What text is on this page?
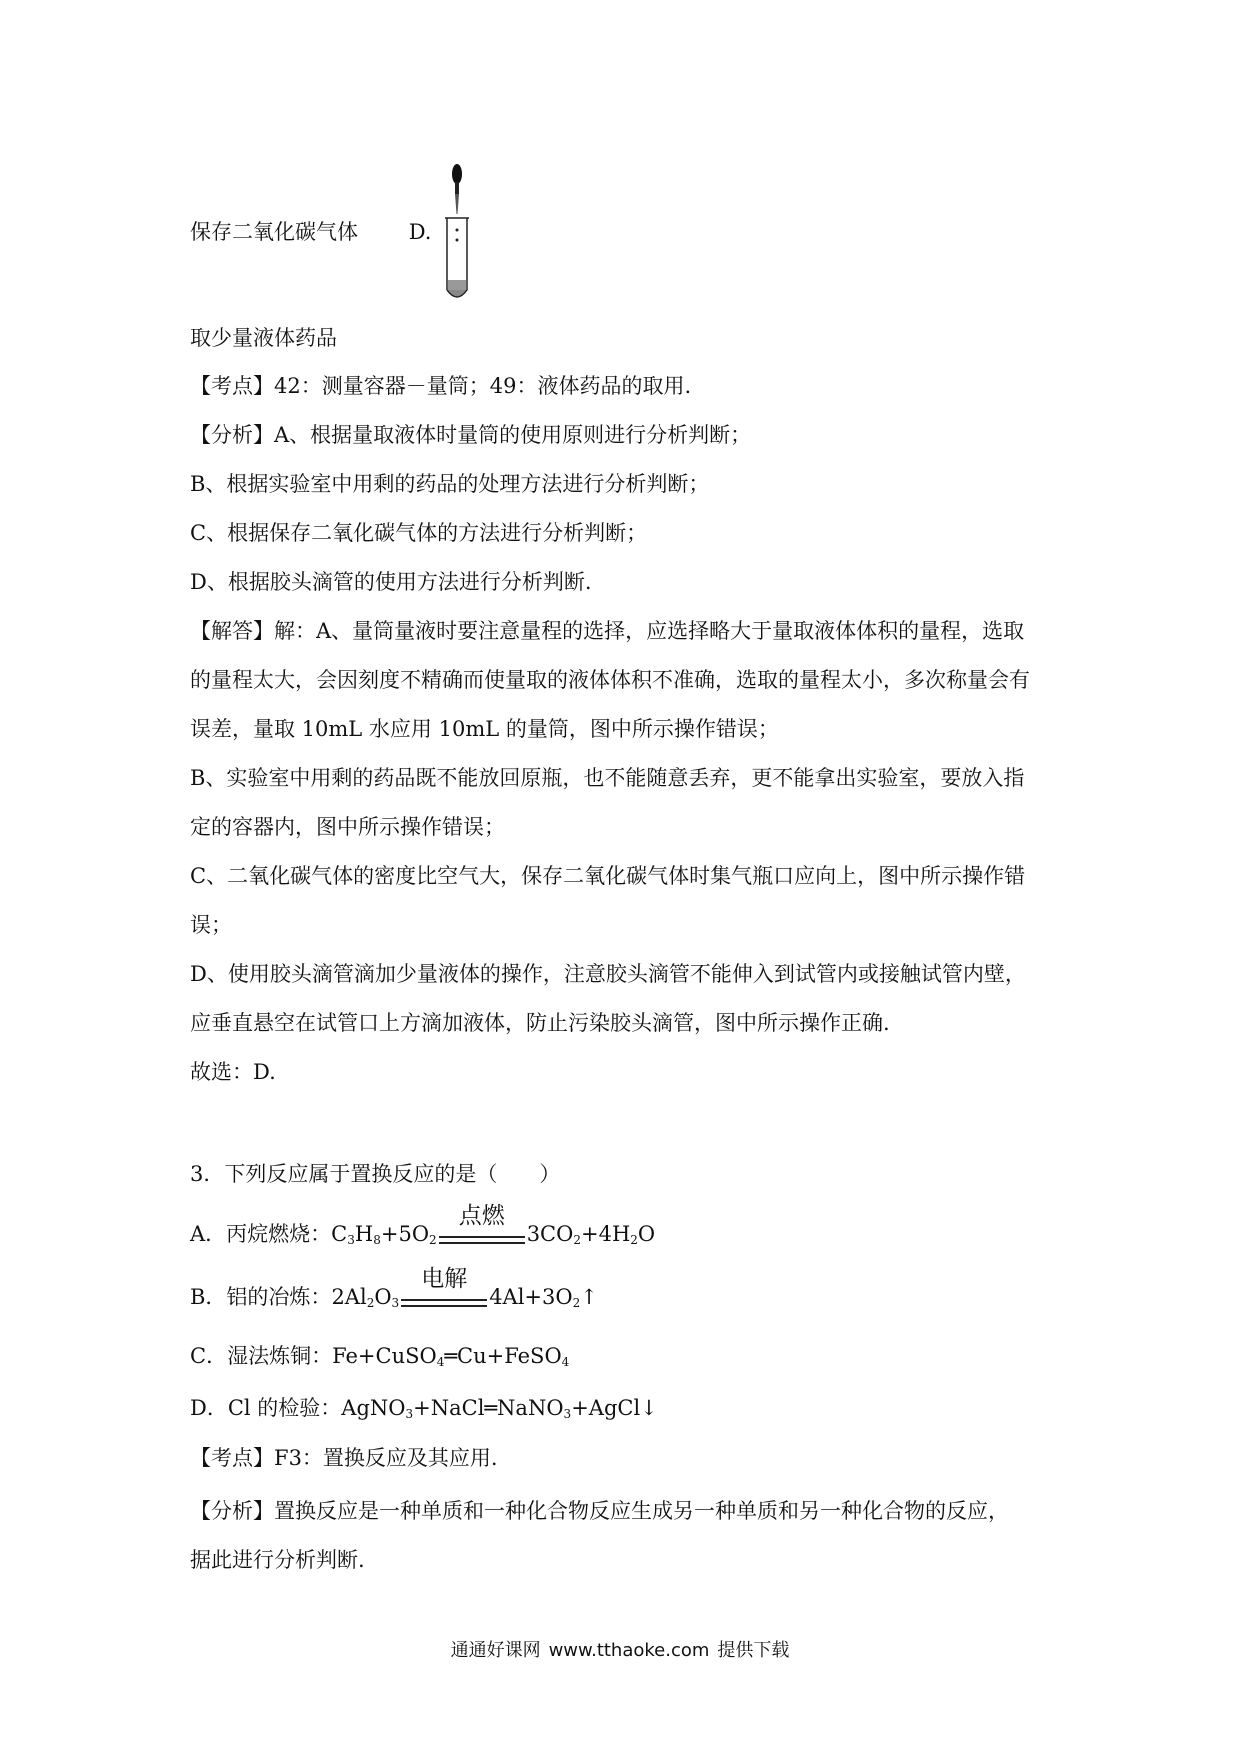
保存二氧化碳气体 D.
取少量液体药品
【考点】42：测量容器－量筒；49：液体药品的取用.
【分析】A、根据量取液体时量筒的使用原则进行分析判断；
B、根据实验室中用剩的药品的处理方法进行分析判断；
C、根据保存二氧化碳气体的方法进行分析判断；
D、根据胶头滴管的使用方法进行分析判断.
【解答】解：A、量筒量液时要注意量程的选择，应选择略大于量取液体体积的量程，选取
的量程太大，会因刻度不精确而使量取的液体体积不准确，选取的量程太小，多次称量会有
误差，量取 10mL 水应用 10mL 的量筒，图中所示操作错误；
B、实验室中用剩的药品既不能放回原瓶，也不能随意丢弃，更不能拿出实验室，要放入指
定的容器内，图中所示操作错误；
C、二氧化碳气体的密度比空气大，保存二氧化碳气体时集气瓶口应向上，图中所示操作错
误；
D、使用胶头滴管滴加少量液体的操作，注意胶头滴管不能伸入到试管内或接触试管内壁，
应垂直悬空在试管口上方滴加液体，防止污染胶头滴管，图中所示操作正确.
故选：D.
3．下列反应属于置换反应的是（　　）
A．丙烷燃烧：$C_3H_8+5O_2$
点燃
$3CO_2+4H_2O$
B．铝的冶炼：$2Al_2O_3$
电解
$4Al+3O_2↑$
C．湿法炼铜：Fe+CuSO$_4$═Cu+FeSO$_4$
D．Cl 的检验：AgNO$_3$+NaCl═NaNO$_3$+AgCl↓
【考点】F3：置换反应及其应用.
【分析】置换反应是一种单质和一种化合物反应生成另一种单质和另一种化合物的反应，
据此进行分析判断.
通通好课网 www.tthaoke.com 提供下载
